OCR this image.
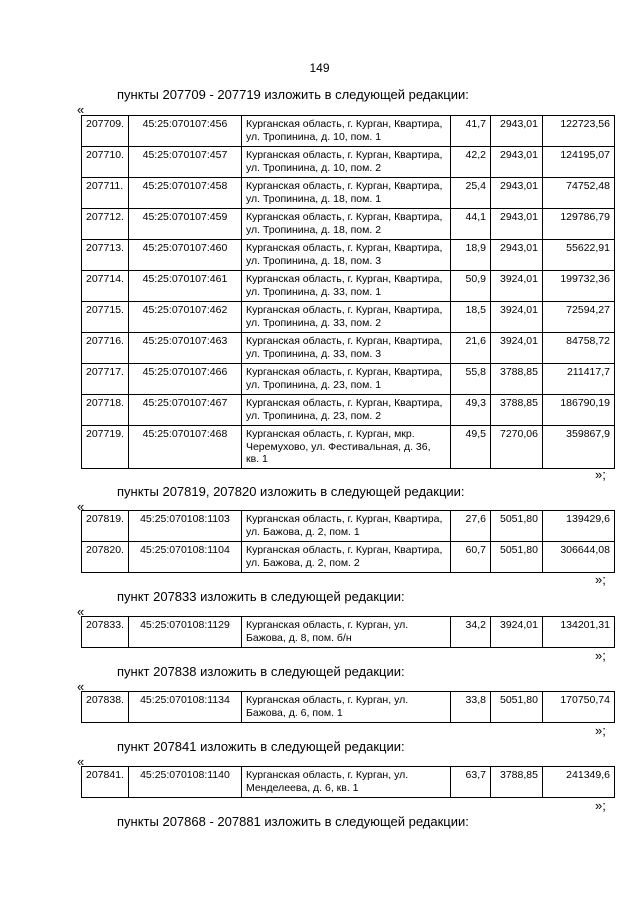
149
пункты 207709 - 207719 изложить в следующей редакции:
«
207709.	45:25:070107:456	Курганская область, г. Курган, Квартира, ул. Тропинина, д. 10, пом. 1	41,7	2943,01	122723,56
207710.	45:25:070107:457	Курганская область, г. Курган, Квартира, ул. Тропинина, д. 10, пом. 2	42,2	2943,01	124195,07
207711.	45:25:070107:458	Курганская область, г. Курган, Квартира, ул. Тропинина, д. 18, пом. 1	25,4	2943,01	74752,48
207712.	45:25:070107:459	Курганская область, г. Курган, Квартира, ул. Тропинина, д. 18, пом. 2	44,1	2943,01	129786,79
207713.	45:25:070107:460	Курганская область, г. Курган, Квартира, ул. Тропинина, д. 18, пом. 3	18,9	2943,01	55622,91
207714.	45:25:070107:461	Курганская область, г. Курган, Квартира, ул. Тропинина, д. 33, пом. 1	50,9	3924,01	199732,36
207715.	45:25:070107:462	Курганская область, г. Курган, Квартира, ул. Тропинина, д. 33, пом. 2	18,5	3924,01	72594,27
207716.	45:25:070107:463	Курганская область, г. Курган, Квартира, ул. Тропинина, д. 33, пом. 3	21,6	3924,01	84758,72
207717.	45:25:070107:466	Курганская область, г. Курган, Квартира, ул. Тропинина, д. 23, пом. 1	55,8	3788,85	211417,7
207718.	45:25:070107:467	Курганская область, г. Курган, Квартира, ул. Тропинина, д. 23, пом. 2	49,3	3788,85	186790,19
207719.	45:25:070107:468	Курганская область, г. Курган, мкр. Черемухово, ул. Фестивальная, д. 36, кв. 1	49,5	7270,06	359867,9
»;
пункты 207819, 207820 изложить в следующей редакции:
«
207819.	45:25:070108:1103	Курганская область, г. Курган, Квартира, ул. Бажова, д. 2, пом. 1	27,6	5051,80	139429,6
207820.	45:25:070108:1104	Курганская область, г. Курган, Квартира, ул. Бажова, д. 2, пом. 2	60,7	5051,80	306644,08
»;
пункт 207833 изложить в следующей редакции:
«
207833.	45:25:070108:1129	Курганская область, г. Курган, ул. Бажова, д. 8, пом. б/н	34,2	3924,01	134201,31
»;
пункт 207838 изложить в следующей редакции:
«
207838.	45:25:070108:1134	Курганская область, г. Курган, ул. Бажова, д. 6, пом. 1	33,8	5051,80	170750,74
»;
пункт 207841 изложить в следующей редакции:
«
207841.	45:25:070108:1140	Курганская область, г. Курган, ул. Менделеева, д. 6, кв. 1	63,7	3788,85	241349,6
»;
пункты 207868 - 207881 изложить в следующей редакции:
